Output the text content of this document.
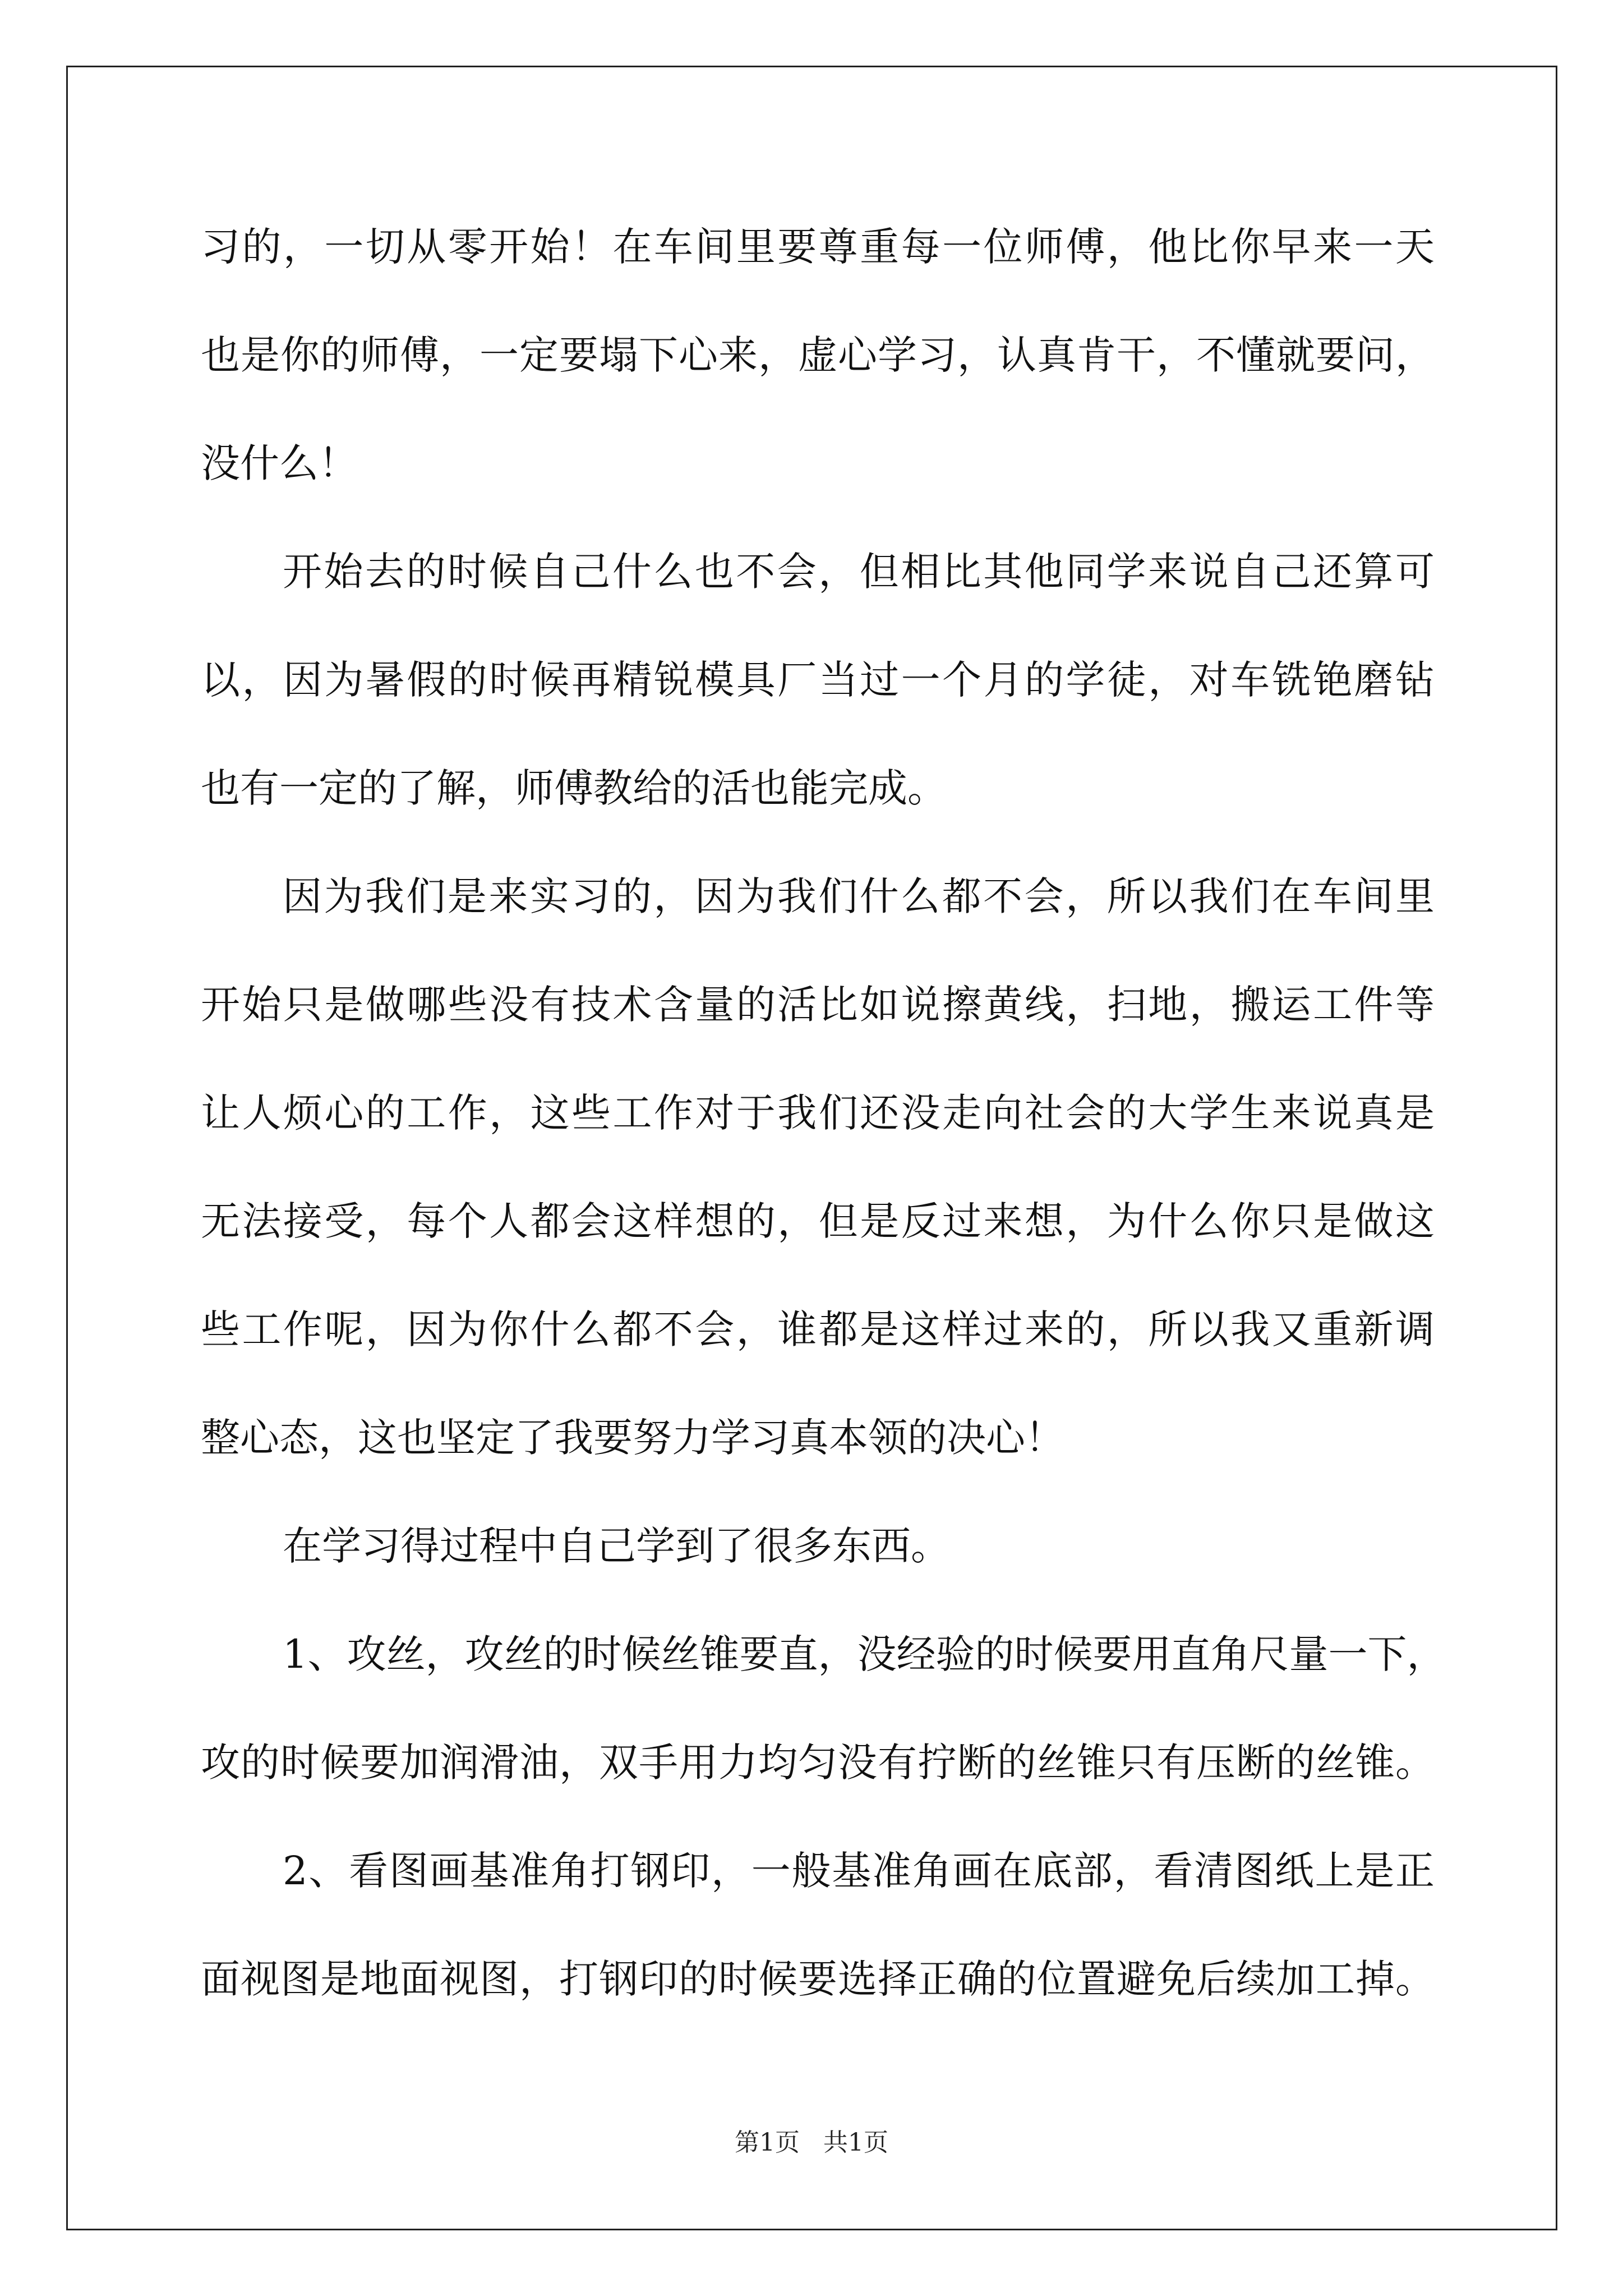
习的，一切从零开始！在车间里要尊重每一位师傅，他比你早来一天
也是你的师傅，一定要塌下心来，虚心学习，认真肯干，不懂就要问，
没什么！
开始去的时候自己什么也不会，但相比其他同学来说自己还算可
以，因为暑假的时候再精锐模具厂当过一个月的学徒，对车铣铯磨钻
也有一定的了解，师傅教给的活也能完成。
因为我们是来实习的，因为我们什么都不会，所以我们在车间里
开始只是做哪些没有技术含量的活比如说擦黄线，扫地，搬运工件等
让人烦心的工作，这些工作对于我们还没走向社会的大学生来说真是
无法接受，每个人都会这样想的，但是反过来想，为什么你只是做这
些工作呢，因为你什么都不会，谁都是这样过来的，所以我又重新调
整心态，这也坚定了我要努力学习真本领的决心！
在学习得过程中自己学到了很多东西。
1、攻丝，攻丝的时候丝锥要直，没经验的时候要用直角尺量一下，
攻的时候要加润滑油，双手用力均匀没有拧断的丝锥只有压断的丝锥。
2、看图画基准角打钢印，一般基准角画在底部，看清图纸上是正
面视图是地面视图，打钢印的时候要选择正确的位置避免后续加工掉。
第1页   共1页
